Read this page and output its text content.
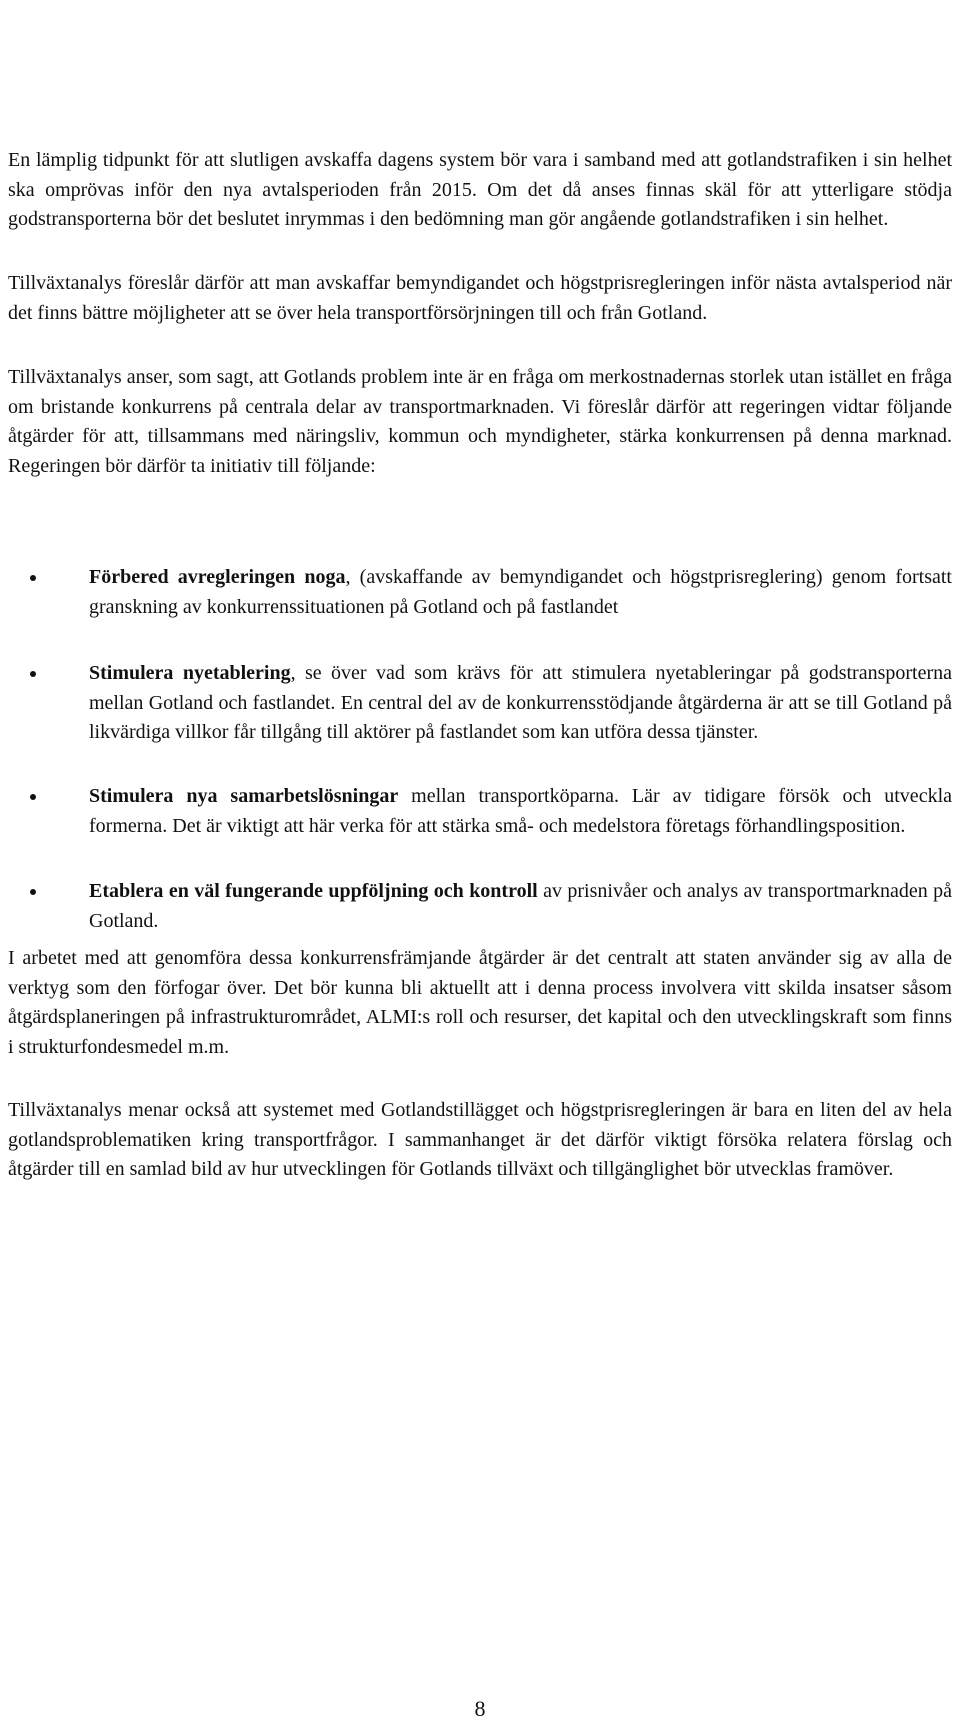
En lämplig tidpunkt för att slutligen avskaffa dagens system bör vara i samband med att gotlandstrafiken i sin helhet ska omprövas inför den nya avtalsperioden från 2015. Om det då anses finnas skäl för att ytterligare stödja godstransporterna bör det beslutet inrymmas i den bedömning man gör angående gotlandstrafiken i sin helhet.

Tillväxtanalys föreslår därför att man avskaffar bemyndigandet och högstprisregleringen inför nästa avtalsperiod när det finns bättre möjligheter att se över hela transportförsörjningen till och från Gotland.

Tillväxtanalys anser, som sagt, att Gotlands problem inte är en fråga om merkostnadernas storlek utan istället en fråga om bristande konkurrens på centrala delar av transportmarknaden. Vi föreslår därför att regeringen vidtar följande åtgärder för att, tillsammans med näringsliv, kommun och myndigheter, stärka konkurrensen på denna marknad. Regeringen bör därför ta initiativ till följande:

Förbered avregleringen noga, (avskaffande av bemyndigandet och högstprisreglering) genom fortsatt granskning av konkurrenssituationen på Gotland och på fastlandet

Stimulera nyetablering, se över vad som krävs för att stimulera nyetableringar på godstransporterna mellan Gotland och fastlandet. En central del av de konkurrensstödjande åtgärderna är att se till Gotland på likvärdiga villkor får tillgång till aktörer på fastlandet som kan utföra dessa tjänster.

Stimulera nya samarbetslösningar mellan transportköparna. Lär av tidigare försök och utveckla formerna. Det är viktigt att här verka för att stärka små- och medelstora företags förhandlingsposition.

Etablera en väl fungerande uppföljning och kontroll av prisnivåer och analys av transportmarknaden på Gotland.

I arbetet med att genomföra dessa konkurrensfrämjande åtgärder är det centralt att staten använder sig av alla de verktyg som den förfogar över. Det bör kunna bli aktuellt att i denna process involvera vitt skilda insatser såsom åtgärdsplaneringen på infrastrukturområdet, ALMI:s roll och resurser, det kapital och den utvecklingskraft som finns i strukturfondesmedel m.m.

Tillväxtanalys menar också att systemet med Gotlandstillägget och högstprisregleringen är bara en liten del av hela gotlandsproblematiken kring transportfrågor. I sammanhanget är det därför viktigt försöka relatera förslag och åtgärder till en samlad bild av hur utvecklingen för Gotlands tillväxt och tillgänglighet bör utvecklas framöver.

8
